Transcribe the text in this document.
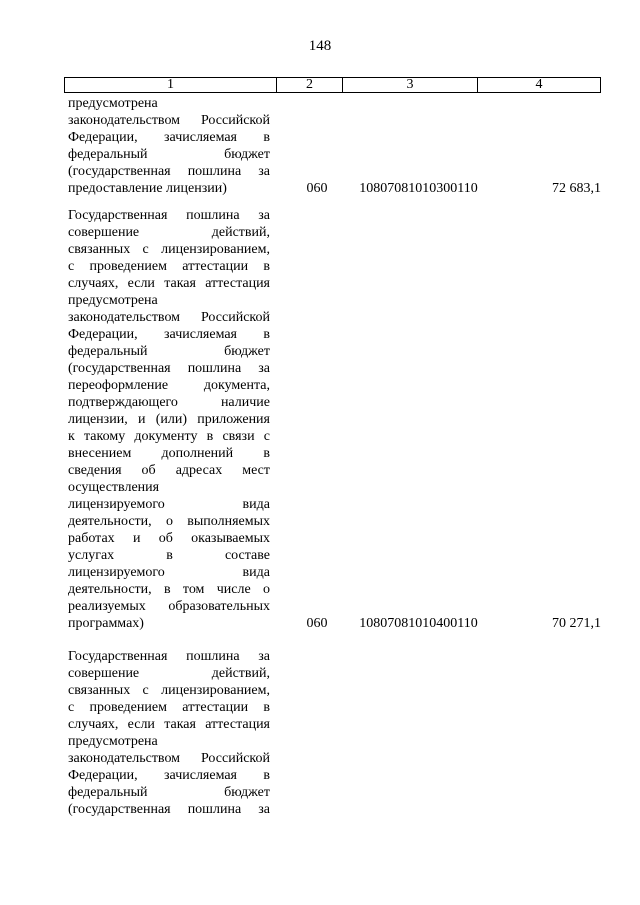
148
1	2	3	4
предусмотрена
законодательством Российской
Федерации, зачисляемая в
федеральный бюджет
(государственная пошлина за
предоставление лицензии)	060	10807081010300110	72 683,1
Государственная пошлина за
совершение действий,
связанных с лицензированием,
с проведением аттестации в
случаях, если такая аттестация
предусмотрена
законодательством Российской
Федерации, зачисляемая в
федеральный бюджет
(государственная пошлина за
переоформление документа,
подтверждающего наличие
лицензии, и (или) приложения
к такому документу в связи с
внесением дополнений в
сведения об адресах мест
осуществления
лицензируемого вида
деятельности, о выполняемых
работах и об оказываемых
услугах в составе
лицензируемого вида
деятельности, в том числе о
реализуемых образовательных
программах)	060	10807081010400110	70 271,1
Государственная пошлина за
совершение действий,
связанных с лицензированием,
с проведением аттестации в
случаях, если такая аттестация
предусмотрена
законодательством Российской
Федерации, зачисляемая в
федеральный бюджет
(государственная пошлина за
